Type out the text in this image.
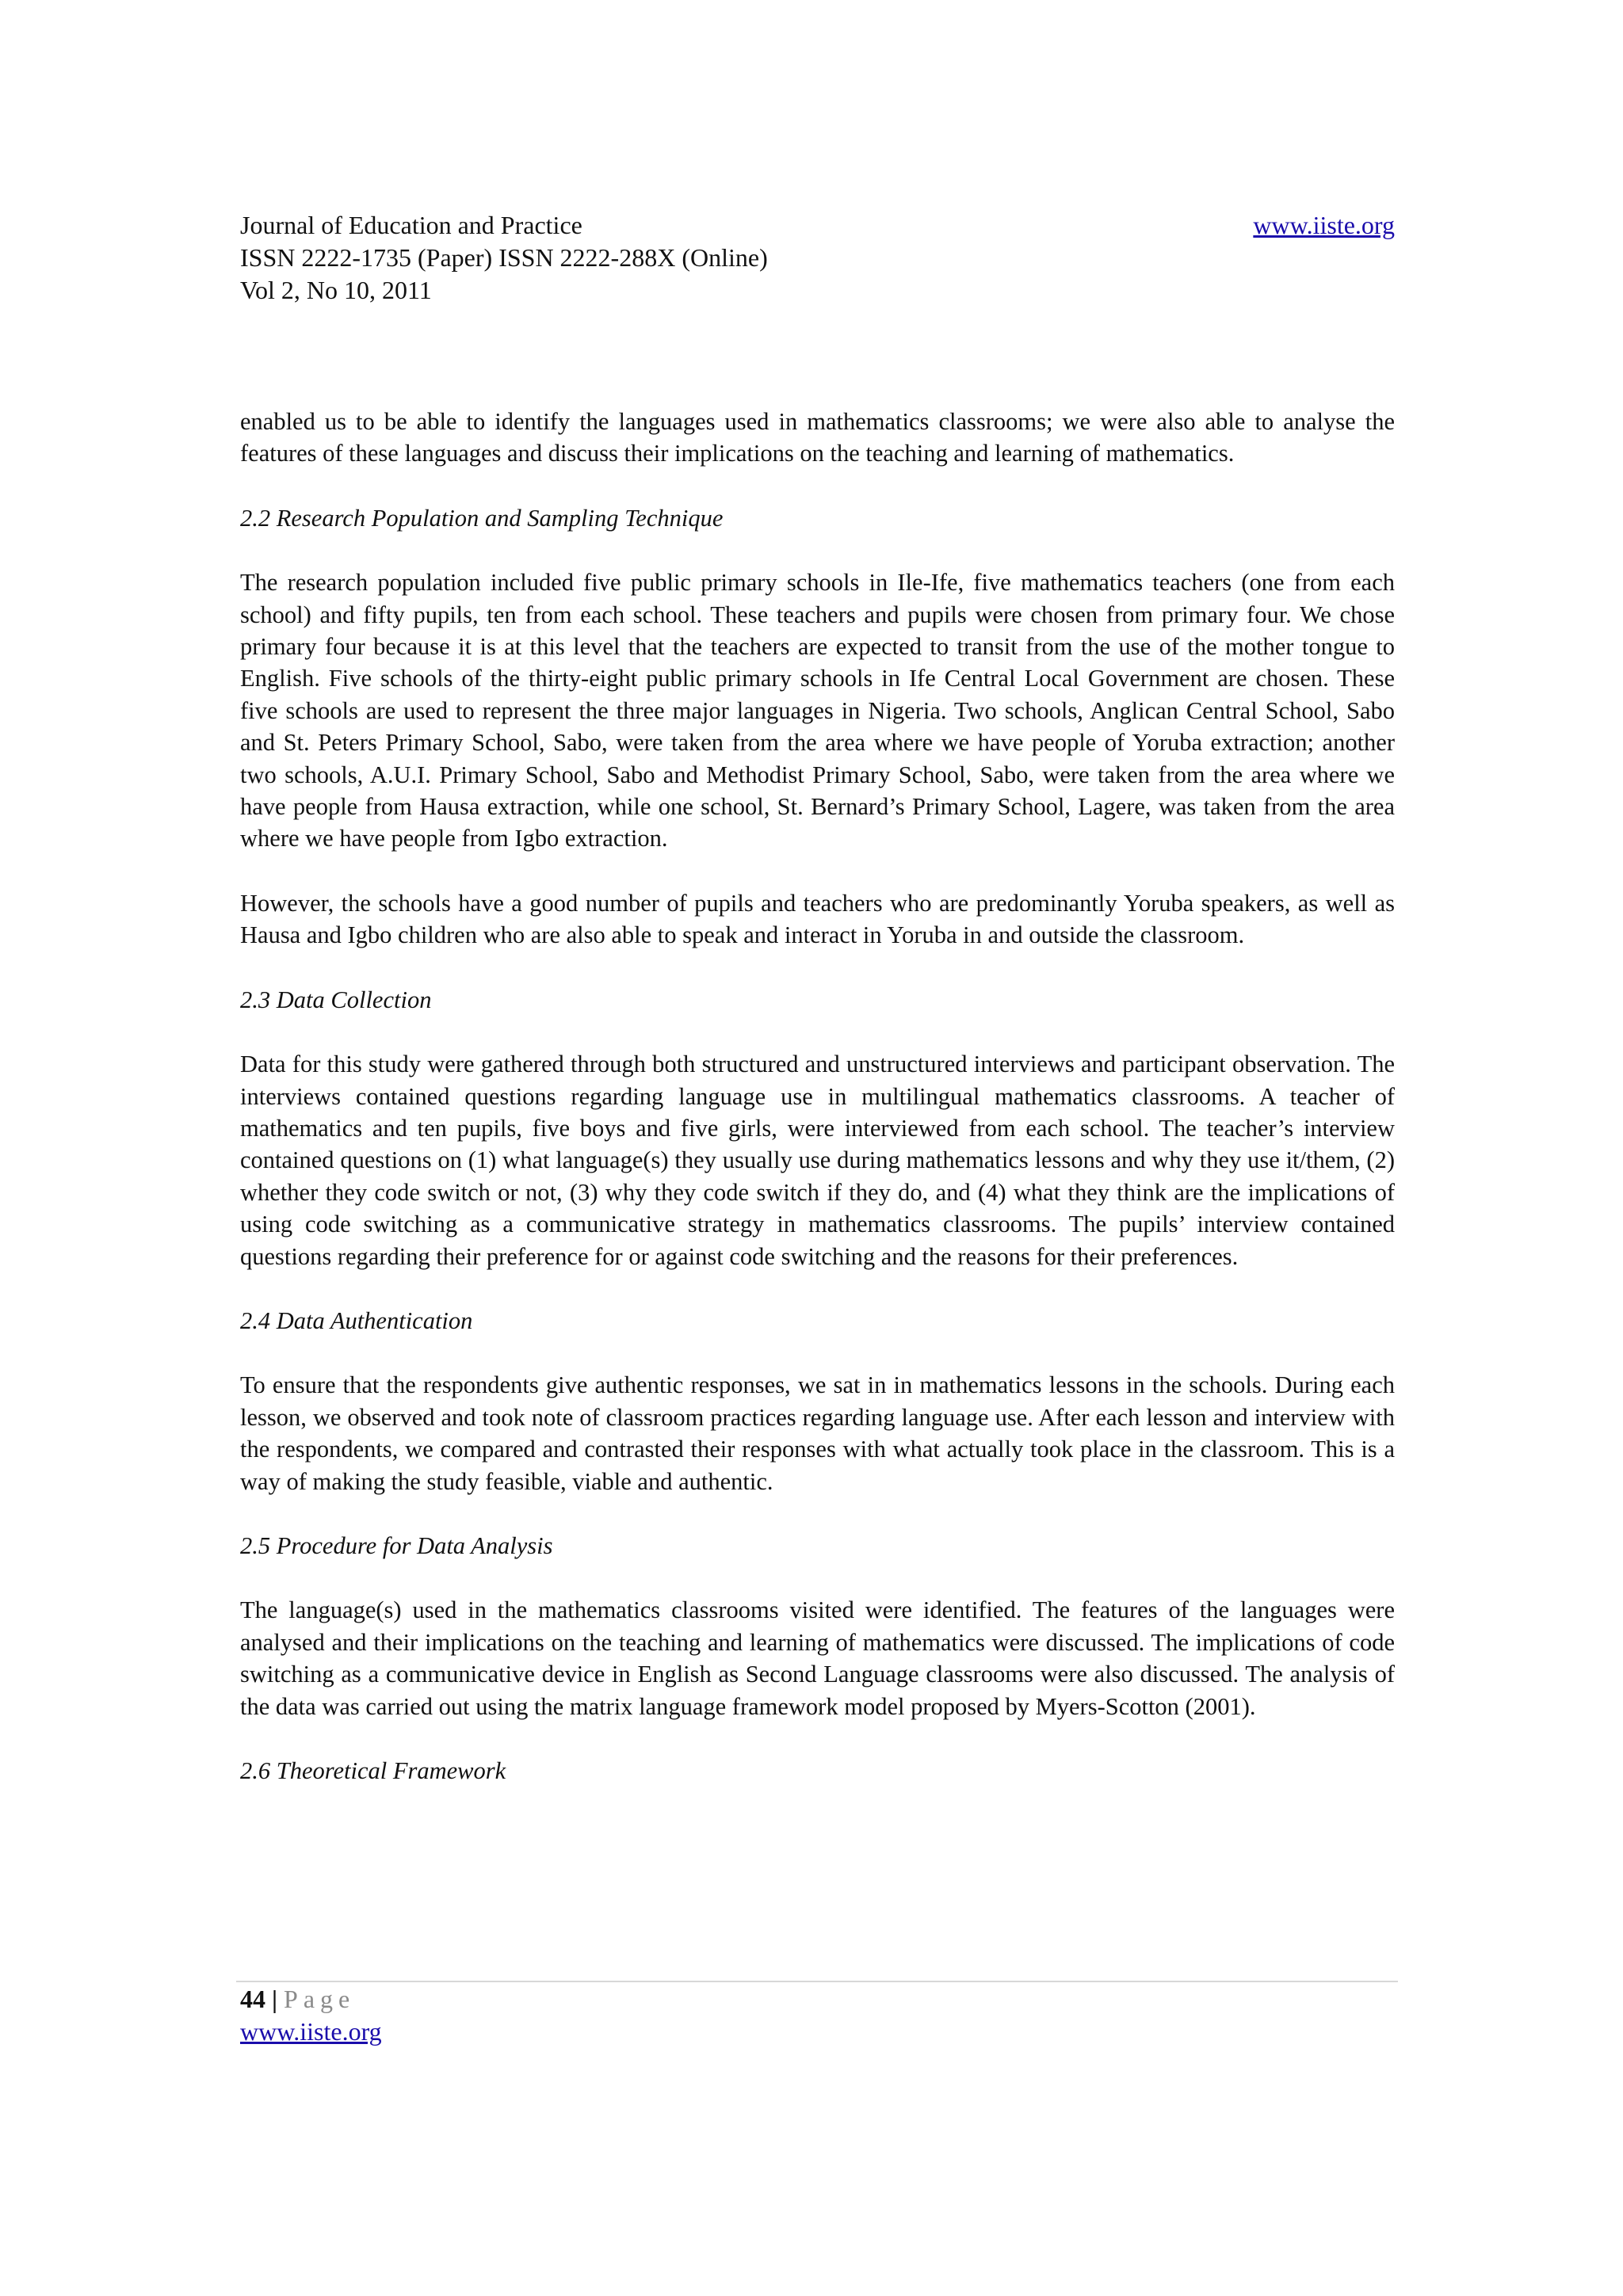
Journal of Education and Practice	www.iiste.org
ISSN 2222-1735 (Paper) ISSN 2222-288X (Online)
Vol 2, No 10, 2011

enabled us to be able to identify the languages used in mathematics classrooms; we were also able to analyse the features of these languages and discuss their implications on the teaching and learning of mathematics.

2.2 Research Population and Sampling Technique

The research population included five public primary schools in Ile-Ife, five mathematics teachers (one from each school) and fifty pupils, ten from each school. These teachers and pupils were chosen from primary four. We chose primary four because it is at this level that the teachers are expected to transit from the use of the mother tongue to English. Five schools of the thirty-eight public primary schools in Ife Central Local Government are chosen. These five schools are used to represent the three major languages in Nigeria. Two schools, Anglican Central School, Sabo and St. Peters Primary School, Sabo, were taken from the area where we have people of Yoruba extraction; another two schools, A.U.I. Primary School, Sabo and Methodist Primary School, Sabo, were taken from the area where we have people from Hausa extraction, while one school, St. Bernard’s Primary School, Lagere, was taken from the area where we have people from Igbo extraction.

However, the schools have a good number of pupils and teachers who are predominantly Yoruba speakers, as well as Hausa and Igbo children who are also able to speak and interact in Yoruba in and outside the classroom.

2.3 Data Collection

Data for this study were gathered through both structured and unstructured interviews and participant observation. The interviews contained questions regarding language use in multilingual mathematics classrooms. A teacher of mathematics and ten pupils, five boys and five girls, were interviewed from each school. The teacher’s interview contained questions on (1) what language(s) they usually use during mathematics lessons and why they use it/them, (2) whether they code switch or not, (3) why they code switch if they do, and (4) what they think are the implications of using code switching as a communicative strategy in mathematics classrooms. The pupils’ interview contained questions regarding their preference for or against code switching and the reasons for their preferences.

2.4 Data Authentication

To ensure that the respondents give authentic responses, we sat in in mathematics lessons in the schools. During each lesson, we observed and took note of classroom practices regarding language use. After each lesson and interview with the respondents, we compared and contrasted their responses with what actually took place in the classroom. This is a way of making the study feasible, viable and authentic.

2.5 Procedure for Data Analysis

The language(s) used in the mathematics classrooms visited were identified. The features of the languages were analysed and their implications on the teaching and learning of mathematics were discussed. The implications of code switching as a communicative device in English as Second Language classrooms were also discussed. The analysis of the data was carried out using the matrix language framework model proposed by Myers-Scotton (2001).

2.6 Theoretical Framework
44 | Page
www.iiste.org
